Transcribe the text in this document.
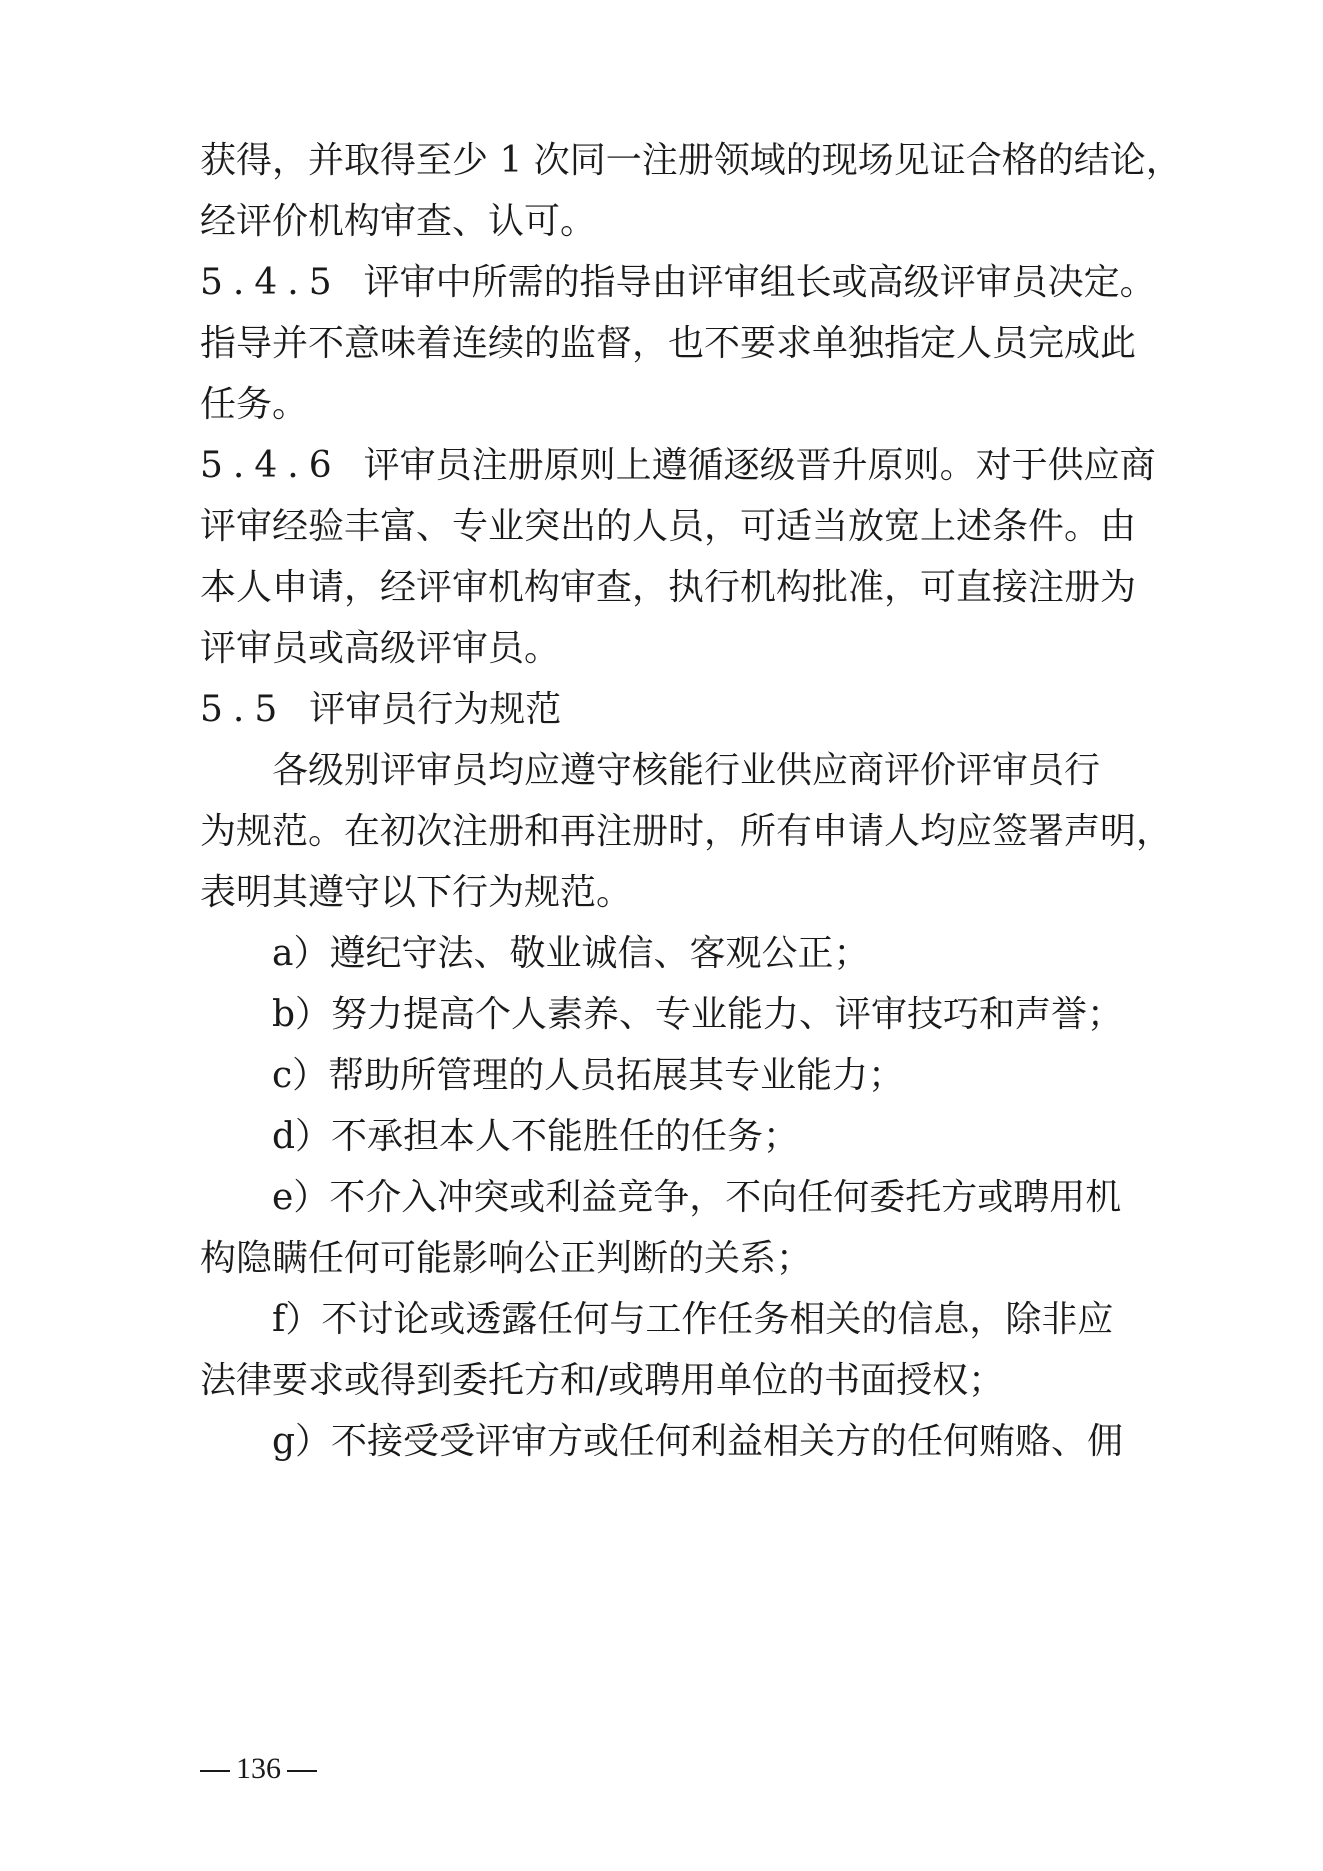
获得，并取得至少 1 次同一注册领域的现场见证合格的结论，
经评价机构审查、认可。
5.4.5 评审中所需的指导由评审组长或高级评审员决定。
指导并不意味着连续的监督，也不要求单独指定人员完成此
任务。
5.4.6 评审员注册原则上遵循逐级晋升原则。对于供应商
评审经验丰富、专业突出的人员，可适当放宽上述条件。由
本人申请，经评审机构审查，执行机构批准，可直接注册为
评审员或高级评审员。
5.5 评审员行为规范
各级别评审员均应遵守核能行业供应商评价评审员行
为规范。在初次注册和再注册时，所有申请人均应签署声明，
表明其遵守以下行为规范。
a）遵纪守法、敬业诚信、客观公正；
b）努力提高个人素养、专业能力、评审技巧和声誉；
c）帮助所管理的人员拓展其专业能力；
d）不承担本人不能胜任的任务；
e）不介入冲突或利益竞争，不向任何委托方或聘用机
构隐瞒任何可能影响公正判断的关系；
f）不讨论或透露任何与工作任务相关的信息，除非应
法律要求或得到委托方和/或聘用单位的书面授权；
g）不接受受评审方或任何利益相关方的任何贿赂、佣
136
